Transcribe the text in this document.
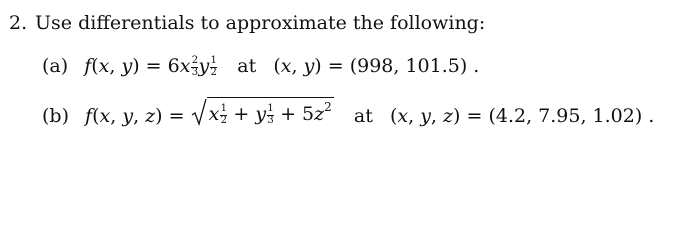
2. Use differentials to approximate the following:
(a) f(x, y) = 6x $^{\frac{2}{3}}$ y $^{\frac{1}{2}}$ at (x, y) = (998, 101.5) .
(b) f(x, y, z) = x $^{\frac{1}{2}}$ + y $^{\frac{1}{3}} + 5z^2$ at (x, y, z) = (4.2, 7.95, 1.02) .
